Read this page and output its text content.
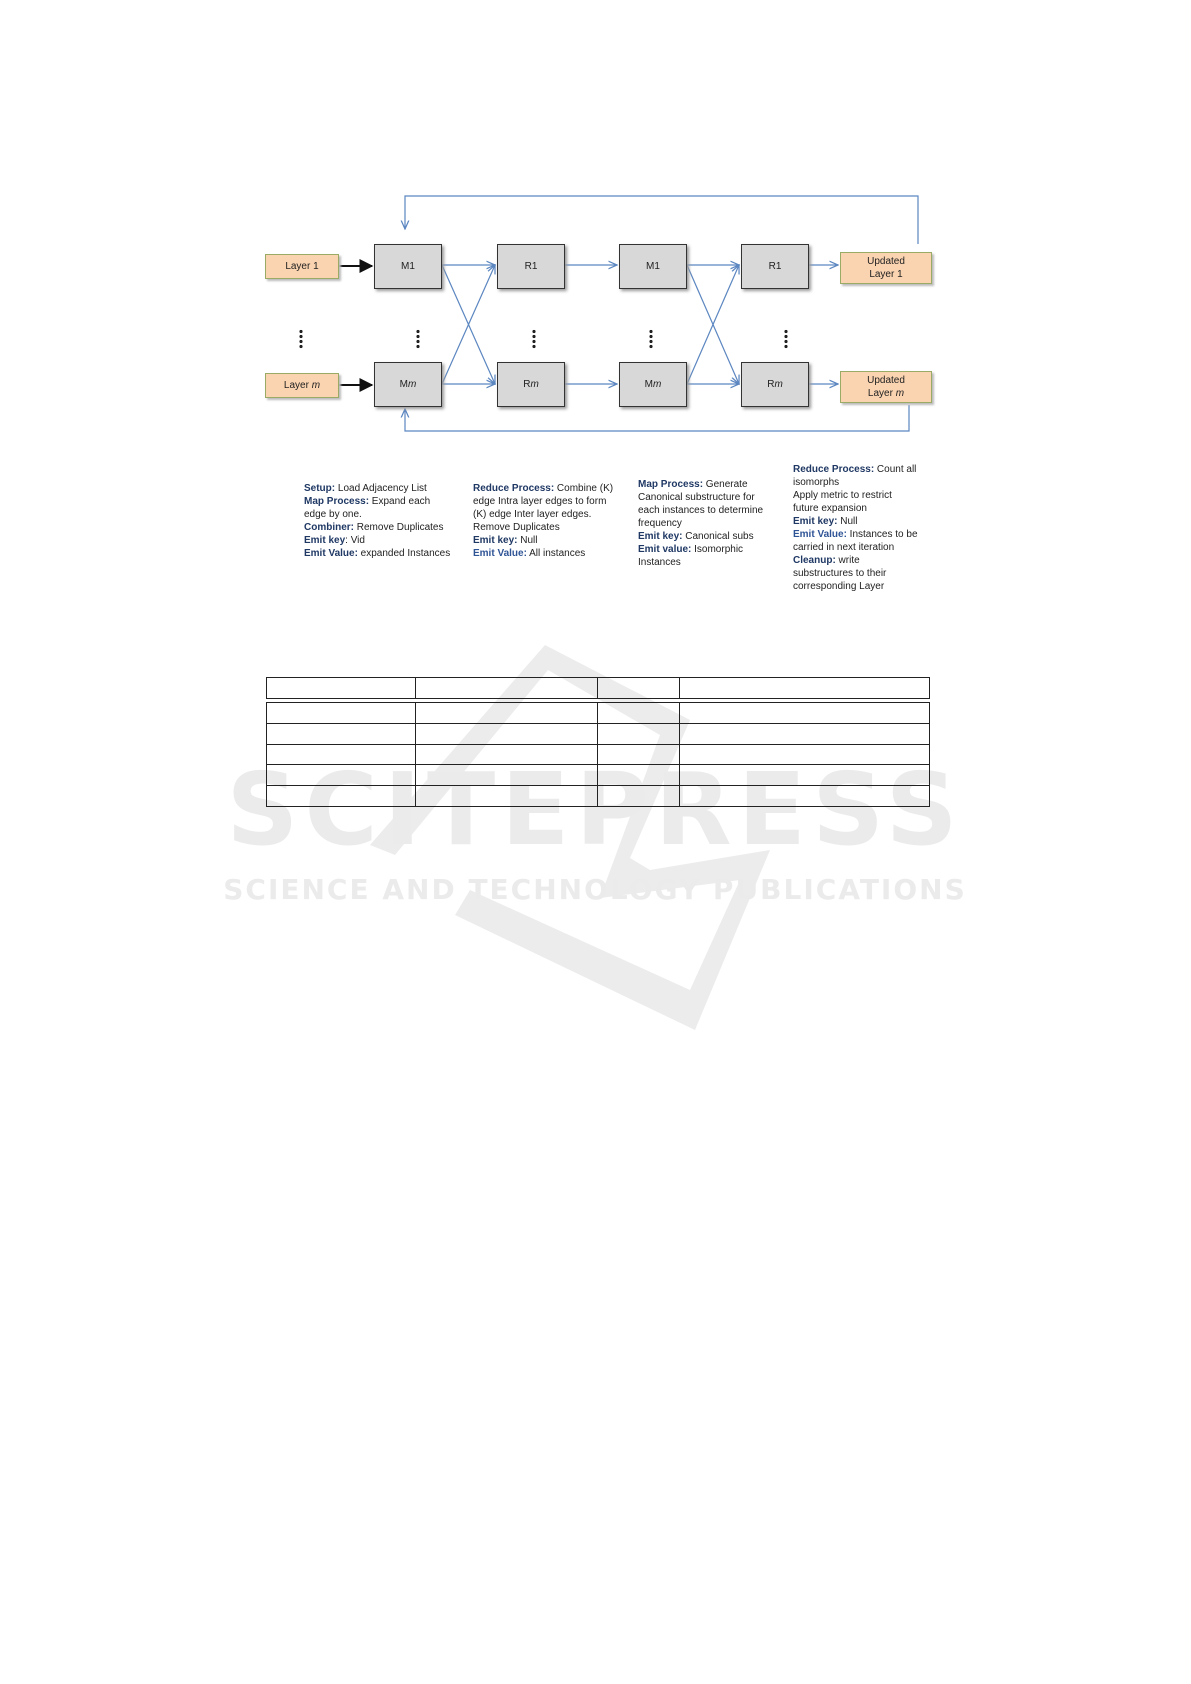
SCITEPRESS
SCIENCE AND TECHNOLOGY PUBLICATIONS
Layer 1
Layer m
M1
Mm
R1
Rm
M1
Mm
R1
Rm
Updated
Layer 1
Updated
Layer m
Setup: Load Adjacency List
Map Process: Expand each
edge by one.
Combiner: Remove Duplicates
Emit key: Vid
Emit Value: expanded Instances
Reduce Process: Combine (K)
edge Intra layer edges to form
(K) edge Inter layer edges.
Remove Duplicates
Emit key: Null
Emit Value: All instances
Map Process: Generate
Canonical substructure for
each instances to determine
frequency
Emit key: Canonical subs
Emit value: Isomorphic
Instances
Reduce Process: Count all
isomorphs
Apply metric to restrict
future expansion
Emit key: Null
Emit Value: Instances to be
carried in next iteration
Cleanup: write
substructures to their
corresponding Layer
